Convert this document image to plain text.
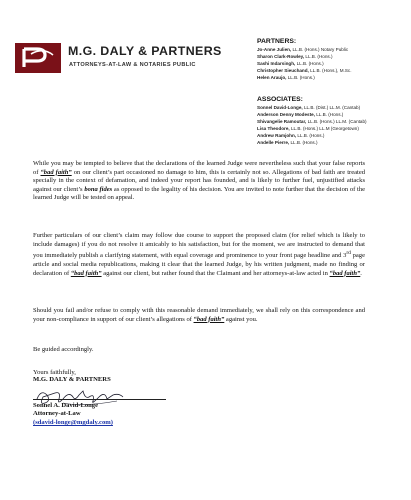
M.G. DALY & PARTNERS
ATTORNEYS-AT-LAW & NOTARIES PUBLIC
PARTNERS:
Jo-Anne Julien, LL.B. (Hons.) Notary Public
Sharon Clark-Rowley, LL.B. (Hons.)
Sashi Indarsingh, LL.B. (Hons.)
Christopher Sieuchand, LL.B. (Hons.), M.Sc.
Helen Araujo, LL.B. (Hons.)
ASSOCIATES:
Sonnel David-Longe, LL.B. (Dist.) LL.M. (Cantab)
Anderson Denny Modeste, LL.B. (Hons.)
Shivangelie Ramoutar, LL.B. (Hons.) LL.M. (Cantab)
Lisa Theodore, LL.B. (Hons.) LL.M (Georgetown)
Andrew Ramjohn, LL.B. (Hons.)
Andelle Pierre, LL.B. (Hons.)
While you may be tempted to believe that the declarations of the learned Judge were nevertheless such that your false reports of “bad faith” on our client’s part occasioned no damage to him, this is certainly not so. Allegations of bad faith are treated specially in the context of defamation, and indeed your report has founded, and is likely to further fuel, unjustified attacks against our client’s bona fides as opposed to the legality of his decision. You are invited to note further that the decision of the learned Judge will be tested on appeal.
Further particulars of our client’s claim may follow due course to support the proposed claim (for relief which is likely to include damages) if you do not resolve it amicably to his satisfaction, but for the moment, we are instructed to demand that you immediately publish a clarifying statement, with equal coverage and prominence to your front page headline and 3rd page article and social media republications, making it clear that the learned Judge, by his written judgment, made no finding or declaration of “bad faith” against our client, but rather found that the Claimant and her attorneys-at-law acted in “bad faith”.
Should you fail and/or refuse to comply with this reasonable demand immediately, we shall rely on this correspondence and your non-compliance in support of our client’s allegations of “bad faith” against you.
Be guided accordingly.
Yours faithfully,
M.G. DALY & PARTNERS
Sonnel A. David-Longe
Attorney-at-Law
(sdavid-longe@mgdaly.com)
